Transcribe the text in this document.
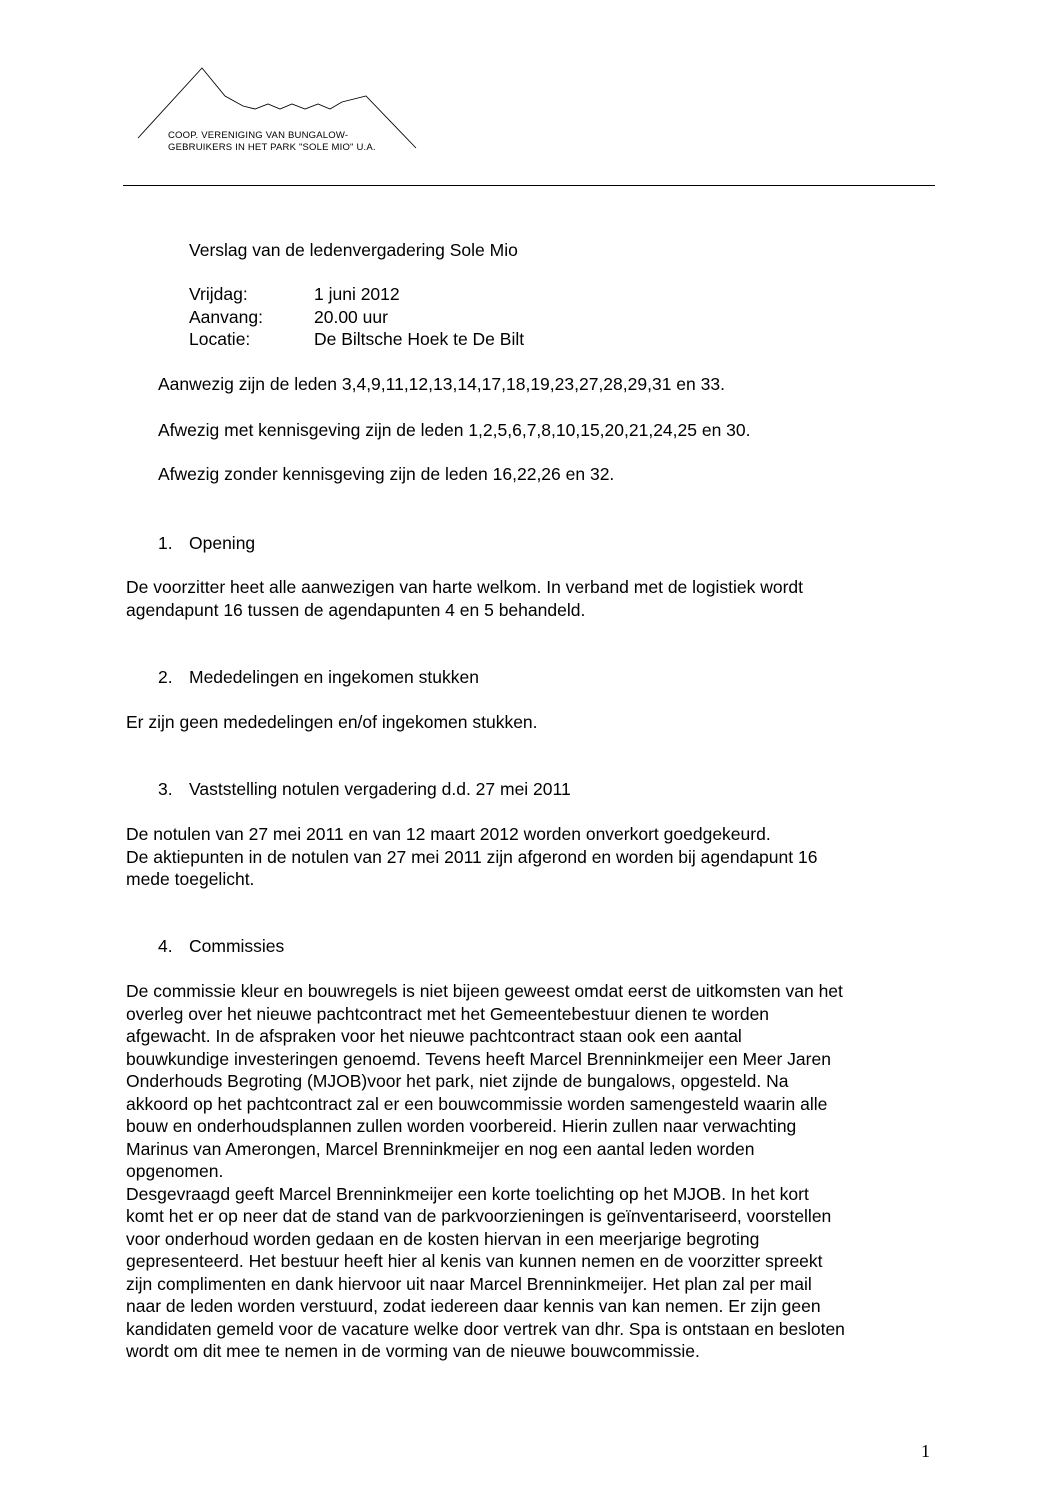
COOP. VERENIGING VAN BUNGALOW-
GEBRUIKERS IN HET PARK "SOLE MIO" U.A.
Verslag van de ledenvergadering Sole Mio
Vrijdag:	1 juni 2012
Aanvang:	20.00 uur
Locatie:	De Biltsche Hoek te De Bilt
Aanwezig zijn de leden 3,4,9,11,12,13,14,17,18,19,23,27,28,29,31 en 33.
Afwezig met kennisgeving zijn de leden 1,2,5,6,7,8,10,15,20,21,24,25 en 30.
Afwezig zonder kennisgeving zijn de leden 16,22,26 en 32.
1. Opening
De voorzitter heet alle aanwezigen van harte welkom. In verband met de logistiek wordt
agendapunt 16 tussen de agendapunten 4 en 5 behandeld.
2. Mededelingen en ingekomen stukken
Er zijn geen mededelingen en/of ingekomen stukken.
3. Vaststelling notulen vergadering d.d. 27 mei 2011
De notulen van 27 mei 2011 en van 12 maart 2012 worden onverkort goedgekeurd.
De aktiepunten in de notulen van 27 mei 2011 zijn afgerond en worden bij agendapunt 16
mede toegelicht.
4. Commissies
De commissie kleur en bouwregels is niet bijeen geweest omdat eerst de uitkomsten van het
overleg over het nieuwe pachtcontract met het Gemeentebestuur dienen te worden
afgewacht. In de afspraken voor het nieuwe pachtcontract staan ook een aantal
bouwkundige investeringen genoemd. Tevens heeft Marcel Brenninkmeijer een Meer Jaren
Onderhouds Begroting (MJOB)voor het park, niet zijnde de bungalows, opgesteld. Na
akkoord op het pachtcontract zal er een bouwcommissie worden samengesteld waarin alle
bouw en onderhoudsplannen zullen worden voorbereid. Hierin zullen naar verwachting
Marinus van Amerongen, Marcel Brenninkmeijer en nog een aantal leden worden
opgenomen.
Desgevraagd geeft Marcel Brenninkmeijer een korte toelichting op het MJOB. In het kort
komt het er op neer dat de stand van de parkvoorzieningen is geïnventariseerd, voorstellen
voor onderhoud worden gedaan en de kosten hiervan in een meerjarige begroting
gepresenteerd. Het bestuur heeft hier al kenis van kunnen nemen en de voorzitter spreekt
zijn complimenten en dank hiervoor uit naar Marcel Brenninkmeijer. Het plan zal per mail
naar de leden worden verstuurd, zodat iedereen daar kennis van kan nemen. Er zijn geen
kandidaten gemeld voor de vacature welke door vertrek van dhr. Spa is ontstaan en besloten
wordt om dit mee te nemen in de vorming van de nieuwe bouwcommissie.
1
